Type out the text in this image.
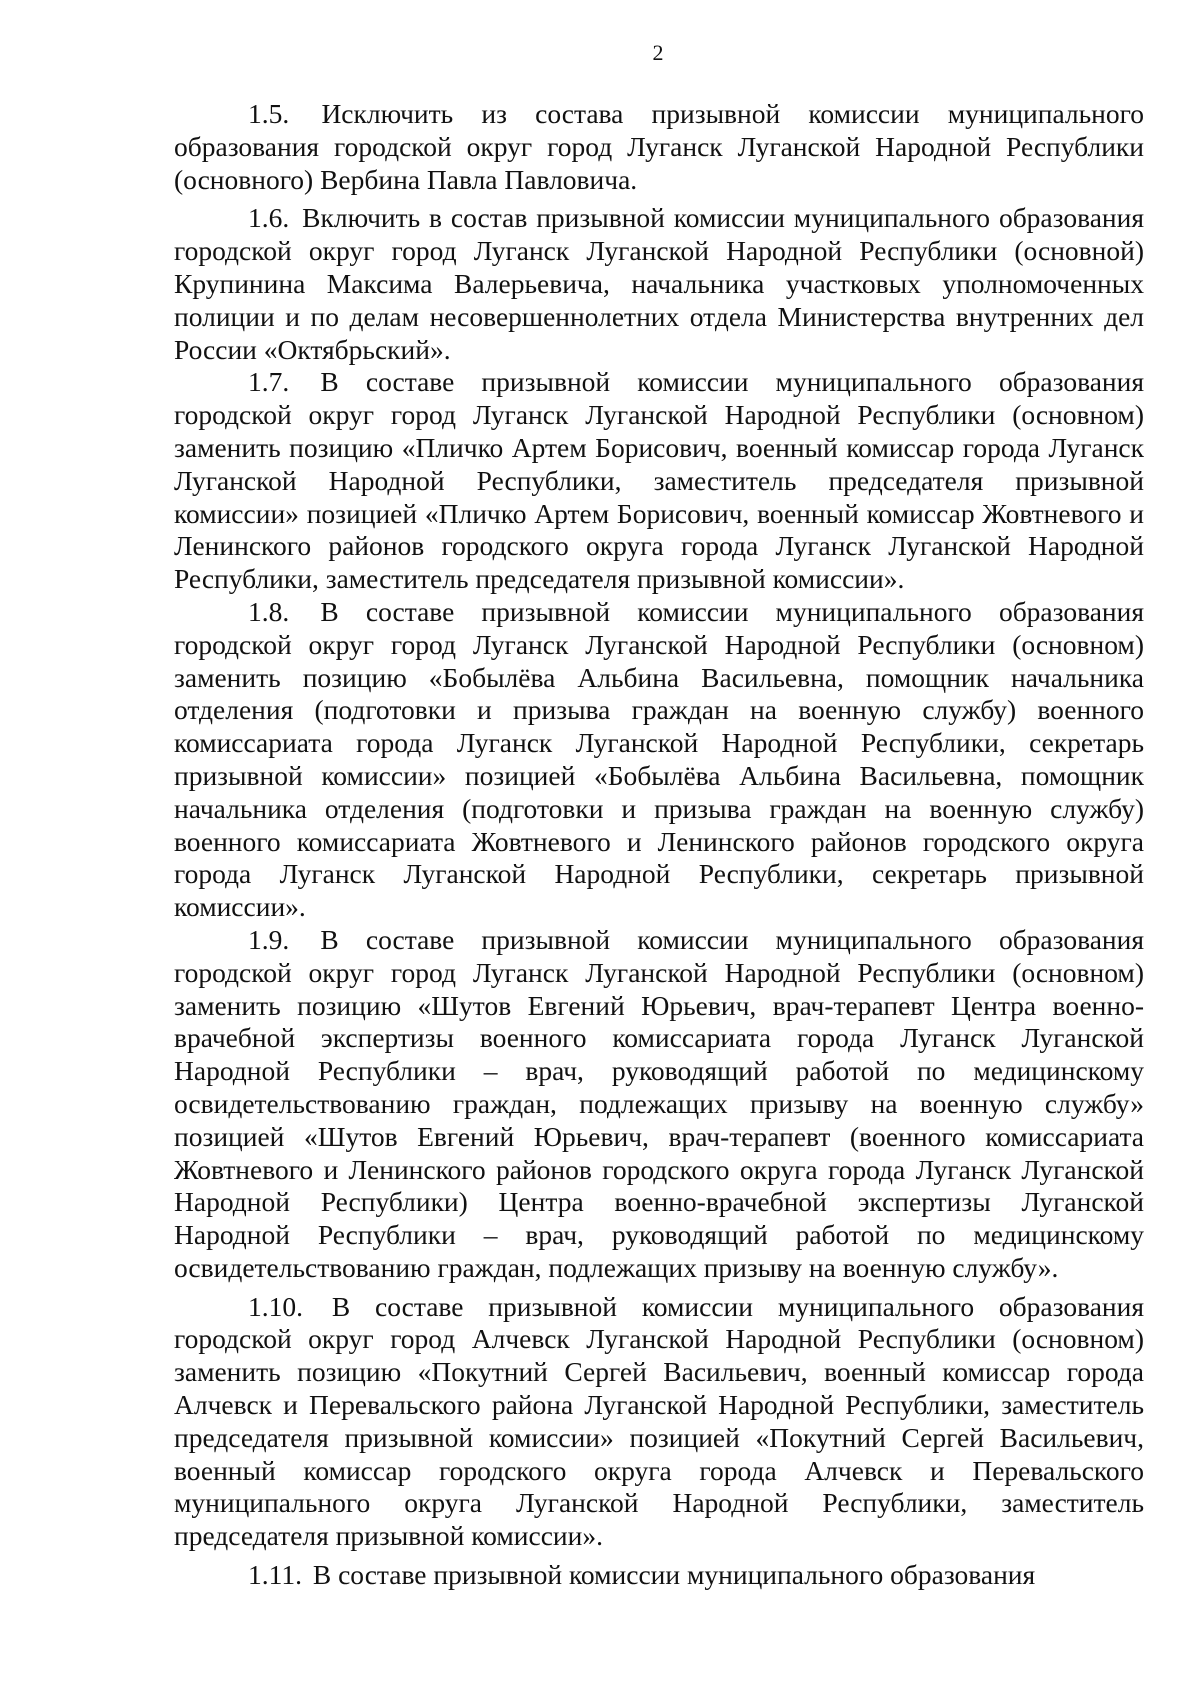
2

1.5. Исключить из состава призывной комиссии муниципального образования городской округ город Луганск Луганской Народной Республики (основного) Вербина Павла Павловича.

1.6. Включить в состав призывной комиссии муниципального образования городской округ город Луганск Луганской Народной Республики (основной) Крупинина Максима Валерьевича, начальника участковых уполномоченных полиции и по делам несовершеннолетних отдела Министерства внутренних дел России «Октябрьский».

1.7. В составе призывной комиссии муниципального образования городской округ город Луганск Луганской Народной Республики (основном) заменить позицию «Пличко Артем Борисович, военный комиссар города Луганск Луганской Народной Республики, заместитель председателя призывной комиссии» позицией «Пличко Артем Борисович, военный комиссар Жовтневого и Ленинского районов городского округа города Луганск Луганской Народной Республики, заместитель председателя призывной комиссии».

1.8. В составе призывной комиссии муниципального образования городской округ город Луганск Луганской Народной Республики (основном) заменить позицию «Бобылёва Альбина Васильевна, помощник начальника отделения (подготовки и призыва граждан на военную службу) военного комиссариата города Луганск Луганской Народной Республики, секретарь призывной комиссии» позицией «Бобылёва Альбина Васильевна, помощник начальника отделения (подготовки и призыва граждан на военную службу) военного комиссариата Жовтневого и Ленинского районов городского округа города Луганск Луганской Народной Республики, секретарь призывной комиссии».

1.9. В составе призывной комиссии муниципального образования городской округ город Луганск Луганской Народной Республики (основном) заменить позицию «Шутов Евгений Юрьевич, врач-терапевт Центра военно-врачебной экспертизы военного комиссариата города Луганск Луганской Народной Республики – врач, руководящий работой по медицинскому освидетельствованию граждан, подлежащих призыву на военную службу» позицией «Шутов Евгений Юрьевич, врач-терапевт (военного комиссариата Жовтневого и Ленинского районов городского округа города Луганск Луганской Народной Республики) Центра военно-врачебной экспертизы Луганской Народной Республики – врач, руководящий работой по медицинскому освидетельствованию граждан, подлежащих призыву на военную службу».

1.10. В составе призывной комиссии муниципального образования городской округ город Алчевск Луганской Народной Республики (основном) заменить позицию «Покутний Сергей Васильевич, военный комиссар города Алчевск и Перевальского района Луганской Народной Республики, заместитель председателя призывной комиссии» позицией «Покутний Сергей Васильевич, военный комиссар городского округа города Алчевск и Перевальского муниципального округа Луганской Народной Республики, заместитель председателя призывной комиссии».

1.11. В составе призывной комиссии муниципального образования
